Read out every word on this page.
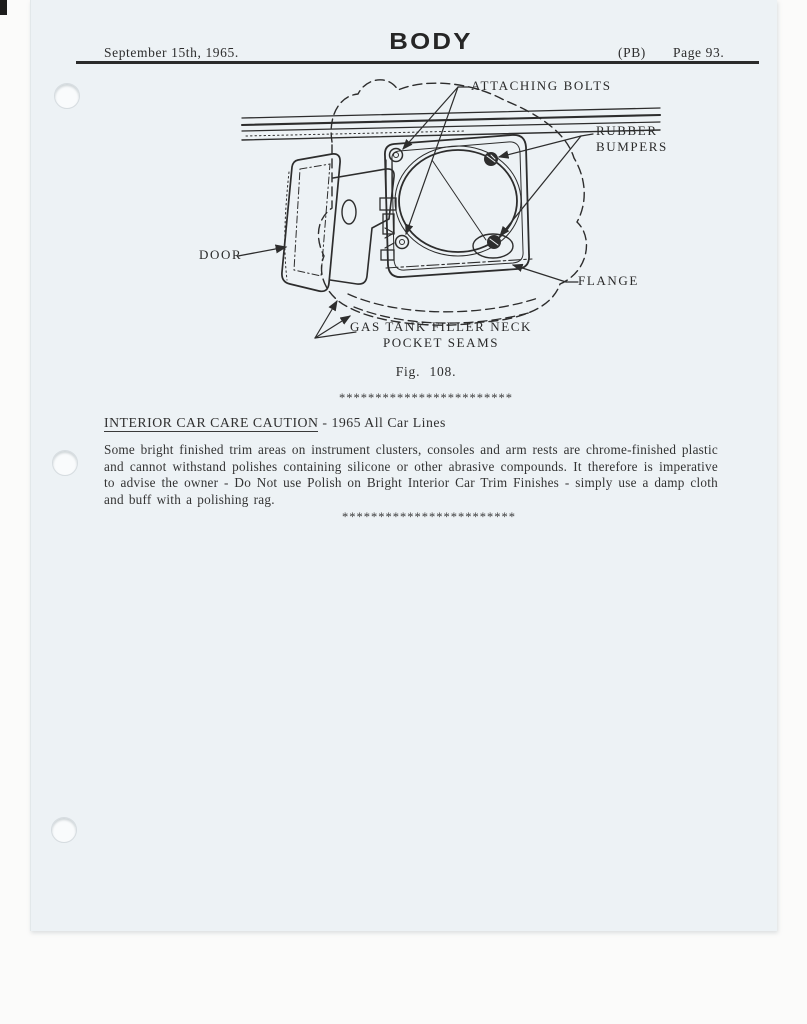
September 15th, 1965.	BODY	(PB) Page 93.
ATTACHING BOLTS
RUBBER
BUMPERS
DOOR
FLANGE
GAS TANK FILLER NECK
POCKET SEAMS
Fig. 108.
************************
INTERIOR CAR CARE CAUTION - 1965 All Car Lines
Some bright finished trim areas on instrument clusters, consoles and arm rests are chrome-finished plastic and cannot withstand polishes containing silicone or other abrasive compounds. It therefore is imperative to advise the owner - Do Not use Polish on Bright Interior Car Trim Finishes - simply use a damp cloth and buff with a polishing rag.
************************
